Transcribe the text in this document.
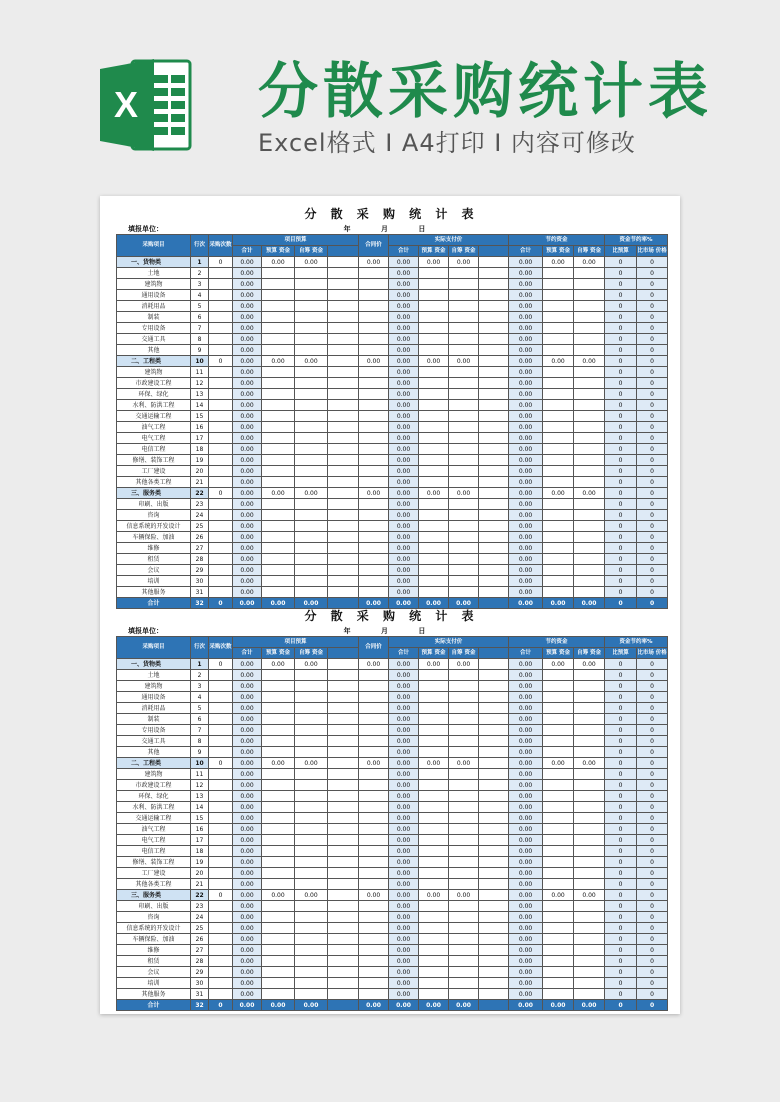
X 分散采购统计表
Excel格式 I A4打印 I 内容可修改
分 散 采 购 统 计 表
填报单位：	年 月 日
采购项目	行次	采购次数	项目预算				合同价	实际支付价				节约资金			资金节约率%	
			合计	预算 资金	自筹 资金			合计	预算 资金	自筹 资金		合计	预算 资金	自筹 资金	比预算	比市场 价格
一、货物类	1	0	0.00	0.00	0.00		0.00	0.00	0.00	0.00		0.00	0.00	0.00	0	0
土地	2		0.00					0.00				0.00			0	0
建筑物	3		0.00					0.00				0.00			0	0
通用设备	4		0.00					0.00				0.00			0	0
消耗用品	5		0.00					0.00				0.00			0	0
制装	6		0.00					0.00				0.00			0	0
专用设备	7		0.00					0.00				0.00			0	0
交通工具	8		0.00					0.00				0.00			0	0
其他	9		0.00					0.00				0.00			0	0
二、工程类	10	0	0.00	0.00	0.00		0.00	0.00	0.00	0.00		0.00	0.00	0.00	0	0
建筑物	11		0.00					0.00				0.00			0	0
市政建设工程	12		0.00					0.00				0.00			0	0
环保、绿化	13		0.00					0.00				0.00			0	0
水利、防洪工程	14		0.00					0.00				0.00			0	0
交通运输工程	15		0.00					0.00				0.00			0	0
油气工程	16		0.00					0.00				0.00			0	0
电气工程	17		0.00					0.00				0.00			0	0
电信工程	18		0.00					0.00				0.00			0	0
修缮、装饰工程	19		0.00					0.00				0.00			0	0
工厂建设	20		0.00					0.00				0.00			0	0
其他各类工程	21		0.00					0.00				0.00			0	0
三、服务类	22	0	0.00	0.00	0.00		0.00	0.00	0.00	0.00		0.00	0.00	0.00	0	0
印刷、出版	23		0.00					0.00				0.00			0	0
咨询	24		0.00					0.00				0.00			0	0
信息系统的开发设计	25		0.00					0.00				0.00			0	0
车辆保险、加油	26		0.00					0.00				0.00			0	0
维修	27		0.00					0.00				0.00			0	0
租赁	28		0.00					0.00				0.00			0	0
会议	29		0.00					0.00				0.00			0	0
培训	30		0.00					0.00				0.00			0	0
其他服务	31		0.00					0.00				0.00			0	0
合计	32	0	0.00	0.00	0.00		0.00	0.00	0.00	0.00		0.00	0.00	0.00	0	0
分 散 采 购 统 计 表
填报单位：	年 月 日
采购项目	行次	采购次数	项目预算				合同价	实际支付价				节约资金			资金节约率%	
			合计	预算 资金	自筹 资金			合计	预算 资金	自筹 资金		合计	预算 资金	自筹 资金	比预算	比市场 价格
一、货物类	1	0	0.00	0.00	0.00		0.00	0.00	0.00	0.00		0.00	0.00	0.00	0	0
土地	2		0.00					0.00				0.00			0	0
建筑物	3		0.00					0.00				0.00			0	0
通用设备	4		0.00					0.00				0.00			0	0
消耗用品	5		0.00					0.00				0.00			0	0
制装	6		0.00					0.00				0.00			0	0
专用设备	7		0.00					0.00				0.00			0	0
交通工具	8		0.00					0.00				0.00			0	0
其他	9		0.00					0.00				0.00			0	0
二、工程类	10	0	0.00	0.00	0.00		0.00	0.00	0.00	0.00		0.00	0.00	0.00	0	0
建筑物	11		0.00					0.00				0.00			0	0
市政建设工程	12		0.00					0.00				0.00			0	0
环保、绿化	13		0.00					0.00				0.00			0	0
水利、防洪工程	14		0.00					0.00				0.00			0	0
交通运输工程	15		0.00					0.00				0.00			0	0
油气工程	16		0.00					0.00				0.00			0	0
电气工程	17		0.00					0.00				0.00			0	0
电信工程	18		0.00					0.00				0.00			0	0
修缮、装饰工程	19		0.00					0.00				0.00			0	0
工厂建设	20		0.00					0.00				0.00			0	0
其他各类工程	21		0.00					0.00				0.00			0	0
三、服务类	22	0	0.00	0.00	0.00		0.00	0.00	0.00	0.00		0.00	0.00	0.00	0	0
印刷、出版	23		0.00					0.00				0.00			0	0
咨询	24		0.00					0.00				0.00			0	0
信息系统的开发设计	25		0.00					0.00				0.00			0	0
车辆保险、加油	26		0.00					0.00				0.00			0	0
维修	27		0.00					0.00				0.00			0	0
租赁	28		0.00					0.00				0.00			0	0
会议	29		0.00					0.00				0.00			0	0
培训	30		0.00					0.00				0.00			0	0
其他服务	31		0.00					0.00				0.00			0	0
合计	32	0	0.00	0.00	0.00		0.00	0.00	0.00	0.00		0.00	0.00	0.00	0	0
